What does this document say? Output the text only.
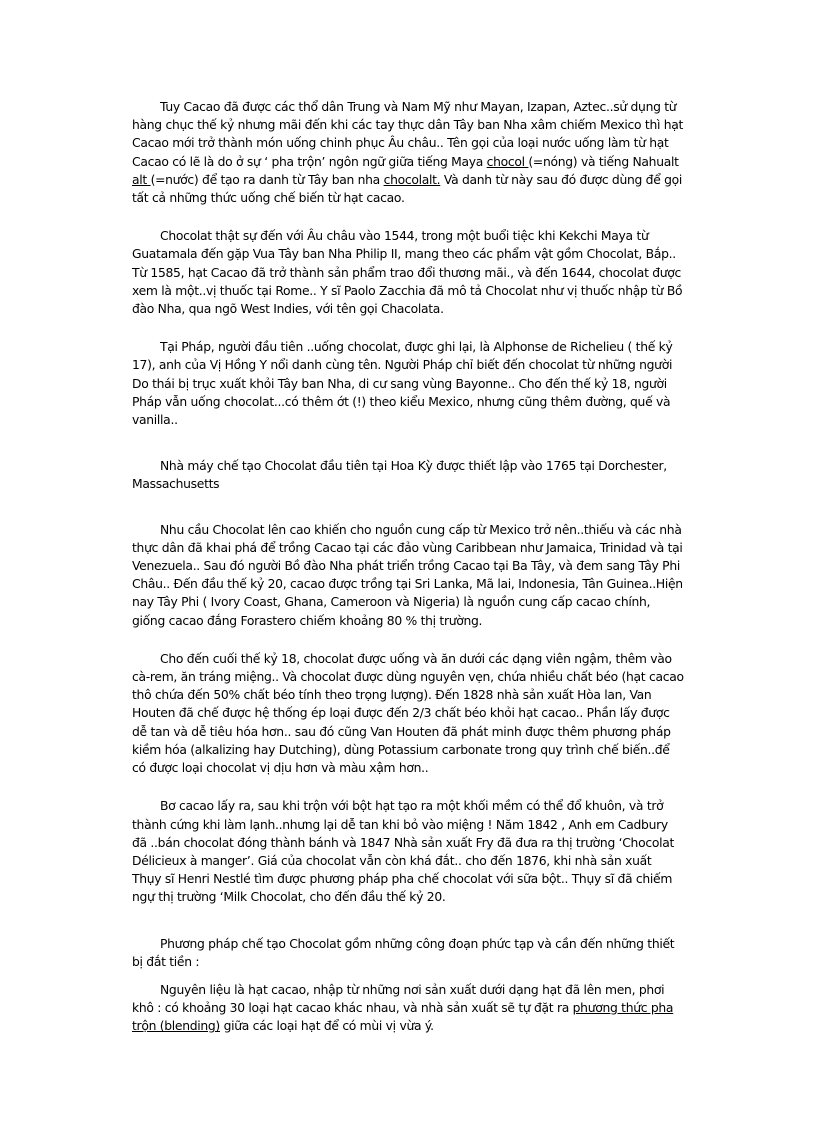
Tuy Cacao đã được các thổ dân Trung và Nam Mỹ như Mayan, Izapan, Aztec..sử dụng từ hàng chục thế kỷ nhưng mãi đến khi các tay thực dân Tây ban Nha xâm chiếm Mexico thì hạt Cacao mới trở thành món uống chinh phục Âu châu.. Tên gọi của loại nước uống làm từ hạt Cacao có lẽ là do ở sự ‘ pha trộn’ ngôn ngữ giữa tiếng Maya chocol (=nóng) và tiếng Nahualt alt (=nước) để tạo ra danh từ Tây ban nha chocolalt. Và danh từ này sau đó được dùng để gọi tất cả những thức uống chế biến từ hạt cacao.

Chocolat thật sự đến với Âu châu vào 1544, trong một buổi tiệc khi Kekchi Maya từ Guatamala đến gặp Vua Tây ban Nha Philip II, mang theo các phẩm vật gồm Chocolat, Bắp.. Từ 1585, hạt Cacao đã trở thành sản phẩm trao đổi thương mãi., và đến 1644, chocolat được xem là một..vị thuốc tại Rome.. Y sĩ Paolo Zacchia đã mô tả Chocolat như vị thuốc nhập từ Bồ đào Nha, qua ngõ West Indies, với tên gọi Chacolata.

Tại Pháp, người đầu tiên ..uống chocolat, được ghi lại, là Alphonse de Richelieu ( thế kỷ 17), anh của Vị Hồng Y nổi danh cùng tên. Người Pháp chỉ biết đến chocolat từ những người Do thái bị trục xuất khỏi Tây ban Nha, di cư sang vùng Bayonne.. Cho đến thế kỷ 18, người Pháp vẫn uống chocolat...có thêm ớt (!) theo kiểu Mexico, nhưng cũng thêm đường, quế và vanilla..

Nhà máy chế tạo Chocolat đầu tiên tại Hoa Kỳ được thiết lập vào 1765 tại Dorchester, Massachusetts

Nhu cầu Chocolat lên cao khiến cho nguồn cung cấp từ Mexico trở nên..thiếu và các nhà thực dân đã khai phá để trồng Cacao tại các đảo vùng Caribbean như Jamaica, Trinidad và tại Venezuela.. Sau đó người Bồ đào Nha phát triển trồng Cacao tại Ba Tây, và đem sang Tây Phi Châu.. Đến đầu thế kỷ 20, cacao được trồng tại Sri Lanka, Mã lai, Indonesia, Tân Guinea..Hiện nay Tây Phi ( Ivory Coast, Ghana, Cameroon và Nigeria) là nguồn cung cấp cacao chính, giống cacao đắng Forastero chiếm khoảng 80 % thị trường.

Cho đến cuối thế kỷ 18, chocolat được uống và ăn dưới các dạng viên ngậm, thêm vào cà-rem, ăn tráng miệng.. Và chocolat được dùng nguyên vẹn, chứa nhiều chất béo (hạt cacao thô chứa đến 50% chất béo tính theo trọng lượng). Đến 1828 nhà sản xuất Hòa lan, Van Houten đã chế được hệ thống ép loại được đến 2/3 chất béo khỏi hạt cacao.. Phần lấy được dễ tan và dễ tiêu hóa hơn.. sau đó cũng Van Houten đã phát minh được thêm phương pháp kiềm hóa (alkalizing hay Dutching), dùng Potassium carbonate trong quy trình chế biến..để có được loại chocolat vị dịu hơn và màu xậm hơn..

Bơ cacao lấy ra, sau khi trộn với bột hạt tạo ra một khối mềm có thể đổ khuôn, và trở thành cứng khi làm lạnh..nhưng lại dễ tan khi bỏ vào miệng ! Năm 1842 , Anh em Cadbury đã ..bán chocolat đóng thành bánh và 1847 Nhà sản xuất Fry đã đưa ra thị trường ‘Chocolat Délicieux à manger’. Giá của chocolat vẫn còn khá đắt.. cho đến 1876, khi nhà sản xuất Thụy sĩ Henri Nestlé tìm được phương pháp pha chế chocolat với sữa bột.. Thụy sĩ đã chiếm ngự thị trường ‘Milk Chocolat, cho đến đầu thế kỷ 20.

Phương pháp chế tạo Chocolat gồm những công đoạn phức tạp và cần đến những thiết bị đắt tiền :

Nguyên liệu là hạt cacao, nhập từ những nơi sản xuất dưới dạng hạt đã lên men, phơi khô : có khoảng 30 loại hạt cacao khác nhau, và nhà sản xuất sẽ tự đặt ra phương thức pha trộn (blending) giữa các loại hạt để có mùi vị vừa ý.
